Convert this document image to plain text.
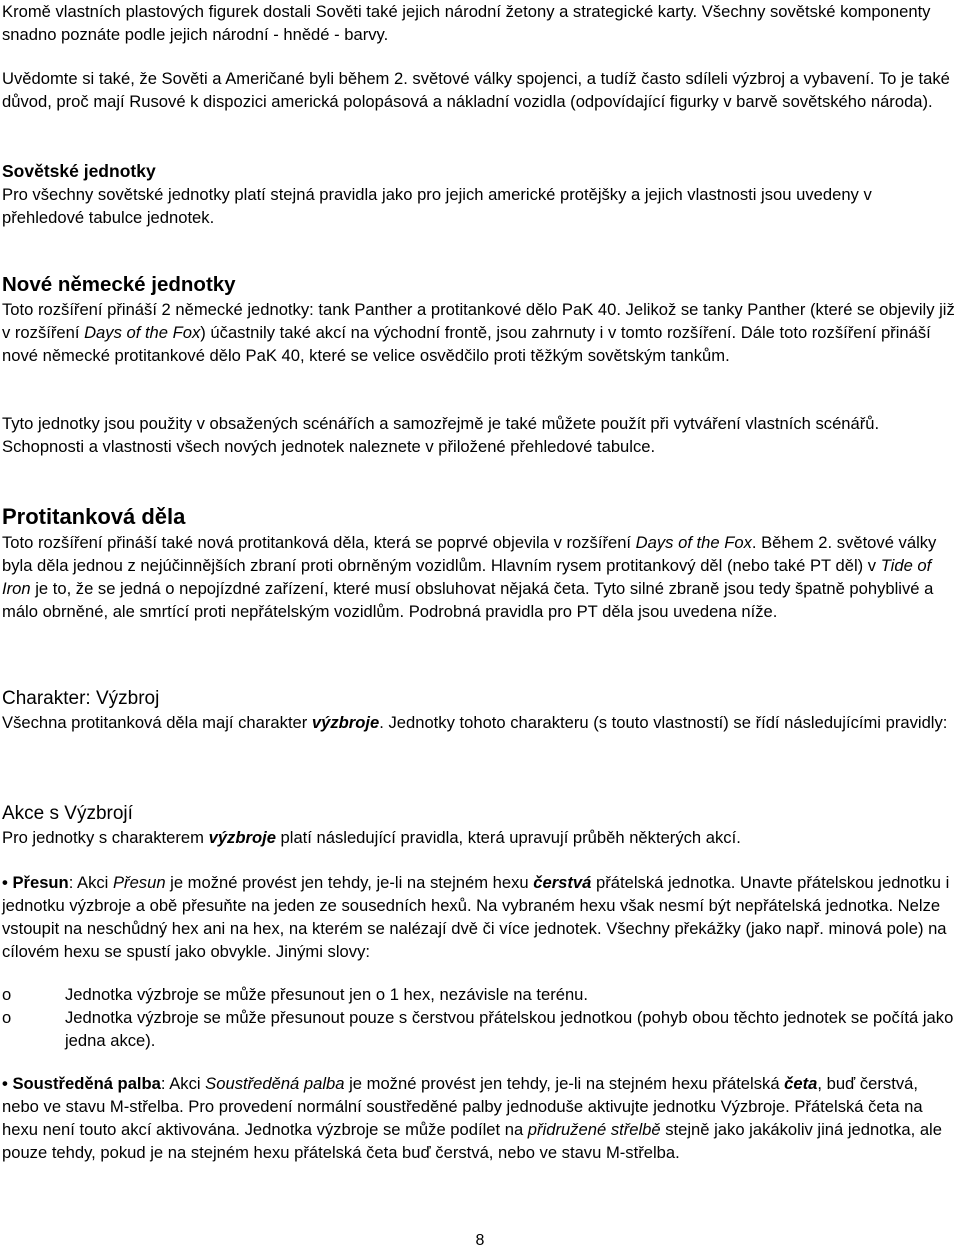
Kromě vlastních plastových figurek dostali Sověti také jejich národní žetony a strategické karty. Všechny sovětské komponenty snadno poznáte podle jejich národní - hnědé - barvy.

Uvědomte si také, že Sověti a Američané byli během 2. světové války spojenci, a tudíž často sdíleli výzbroj a vybavení. To je také důvod, proč mají Rusové k dispozici americká polopásová a nákladní vozidla (odpovídající figurky v barvě sovětského národa).

Sovětské jednotky

Pro všechny sovětské jednotky platí stejná pravidla jako pro jejich americké protějšky a jejich vlastnosti jsou uvedeny v přehledové tabulce jednotek.

Nové německé jednotky

Toto rozšíření přináší 2 německé jednotky: tank Panther a protitankové dělo PaK 40. Jelikož se tanky Panther (které se objevily již v rozšíření Days of the Fox) účastnily také akcí na východní frontě, jsou zahrnuty i v tomto rozšíření. Dále toto rozšíření přináší nové německé protitankové dělo PaK 40, které se velice osvědčilo proti těžkým sovětským tankům.

Tyto jednotky jsou použity v obsažených scénářích a samozřejmě je také můžete použít při vytváření vlastních scénářů. Schopnosti a vlastnosti všech nových jednotek naleznete v přiložené přehledové tabulce.

Protitanková děla

Toto rozšíření přináší také nová protitanková děla, která se poprvé objevila v rozšíření Days of the Fox. Během 2. světové války byla děla jednou z nejúčinnějších zbraní proti obrněným vozidlům. Hlavním rysem protitankový děl (nebo také PT děl) v Tide of Iron je to, že se jedná o nepojízdné zařízení, které musí obsluhovat nějaká četa. Tyto silné zbraně jsou tedy špatně pohyblivé a málo obrněné, ale smrtící proti nepřátelským vozidlům. Podrobná pravidla pro PT děla jsou uvedena níže.

Charakter: Výzbroj

Všechna protitanková děla mají charakter výzbroje. Jednotky tohoto charakteru (s touto vlastností) se řídí následujícími pravidly:

Akce s Výzbrojí

Pro jednotky s charakterem výzbroje platí následující pravidla, která upravují průběh některých akcí.

• Přesun: Akci Přesun je možné provést jen tehdy, je-li na stejném hexu čerstvá přátelská jednotka. Unavte přátelskou jednotku i jednotku výzbroje a obě přesuňte na jeden ze sousedních hexů. Na vybraném hexu však nesmí být nepřátelská jednotka. Nelze vstoupit na neschůdný hex ani na hex, na kterém se nalézají dvě či více jednotek. Všechny překážky (jako např. minová pole) na cílovém hexu se spustí jako obvykle. Jinými slovy:

o	Jednotka výzbroje se může přesunout jen o 1 hex, nezávisle na terénu.
o	Jednotka výzbroje se může přesunout pouze s čerstvou přátelskou jednotkou (pohyb obou těchto jednotek se počítá jako jedna akce).

• Soustředěná palba: Akci Soustředěná palba je možné provést jen tehdy, je-li na stejném hexu přátelská četa, buď čerstvá, nebo ve stavu M-střelba. Pro provedení normální soustředěné palby jednoduše aktivujte jednotku Výzbroje. Přátelská četa na hexu není touto akcí aktivována. Jednotka výzbroje se může podílet na přidružené střelbě stejně jako jakákoliv jiná jednotka, ale pouze tehdy, pokud je na stejném hexu přátelská četa buď čerstvá, nebo ve stavu M-střelba.

8
